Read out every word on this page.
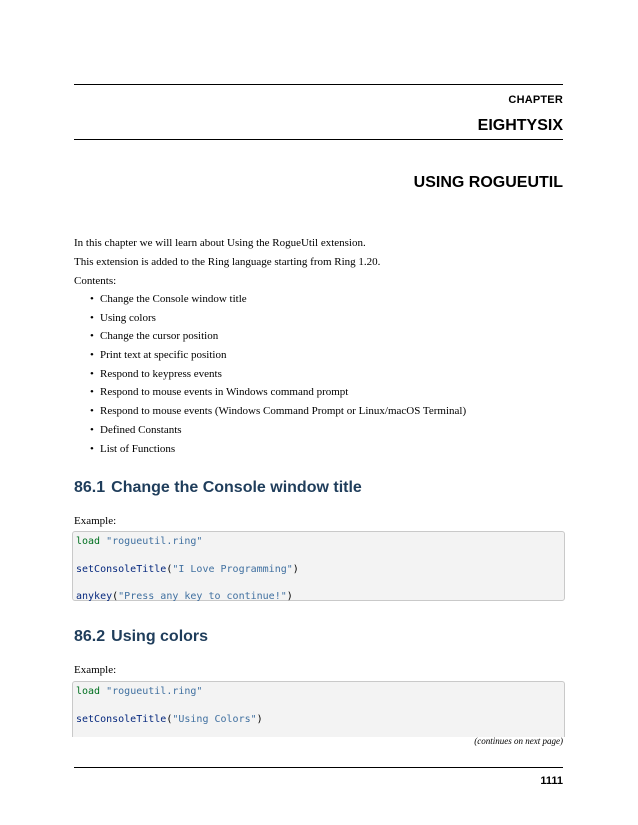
CHAPTER
EIGHTYSIX
USING ROGUEUTIL
In this chapter we will learn about Using the RogueUtil extension.
This extension is added to the Ring language starting from Ring 1.20.
Contents:
• Change the Console window title
• Using colors
• Change the cursor position
• Print text at specific position
• Respond to keypress events
• Respond to mouse events in Windows command prompt
• Respond to mouse events (Windows Command Prompt or Linux/macOS Terminal)
• Defined Constants
• List of Functions
86.1 Change the Console window title
Example:
load "rogueutil.ring"
setConsoleTitle("I Love Programming")
anykey("Press any key to continue!")
86.2 Using colors
Example:
load "rogueutil.ring"
setConsoleTitle("Using Colors")
(continues on next page)
1111
